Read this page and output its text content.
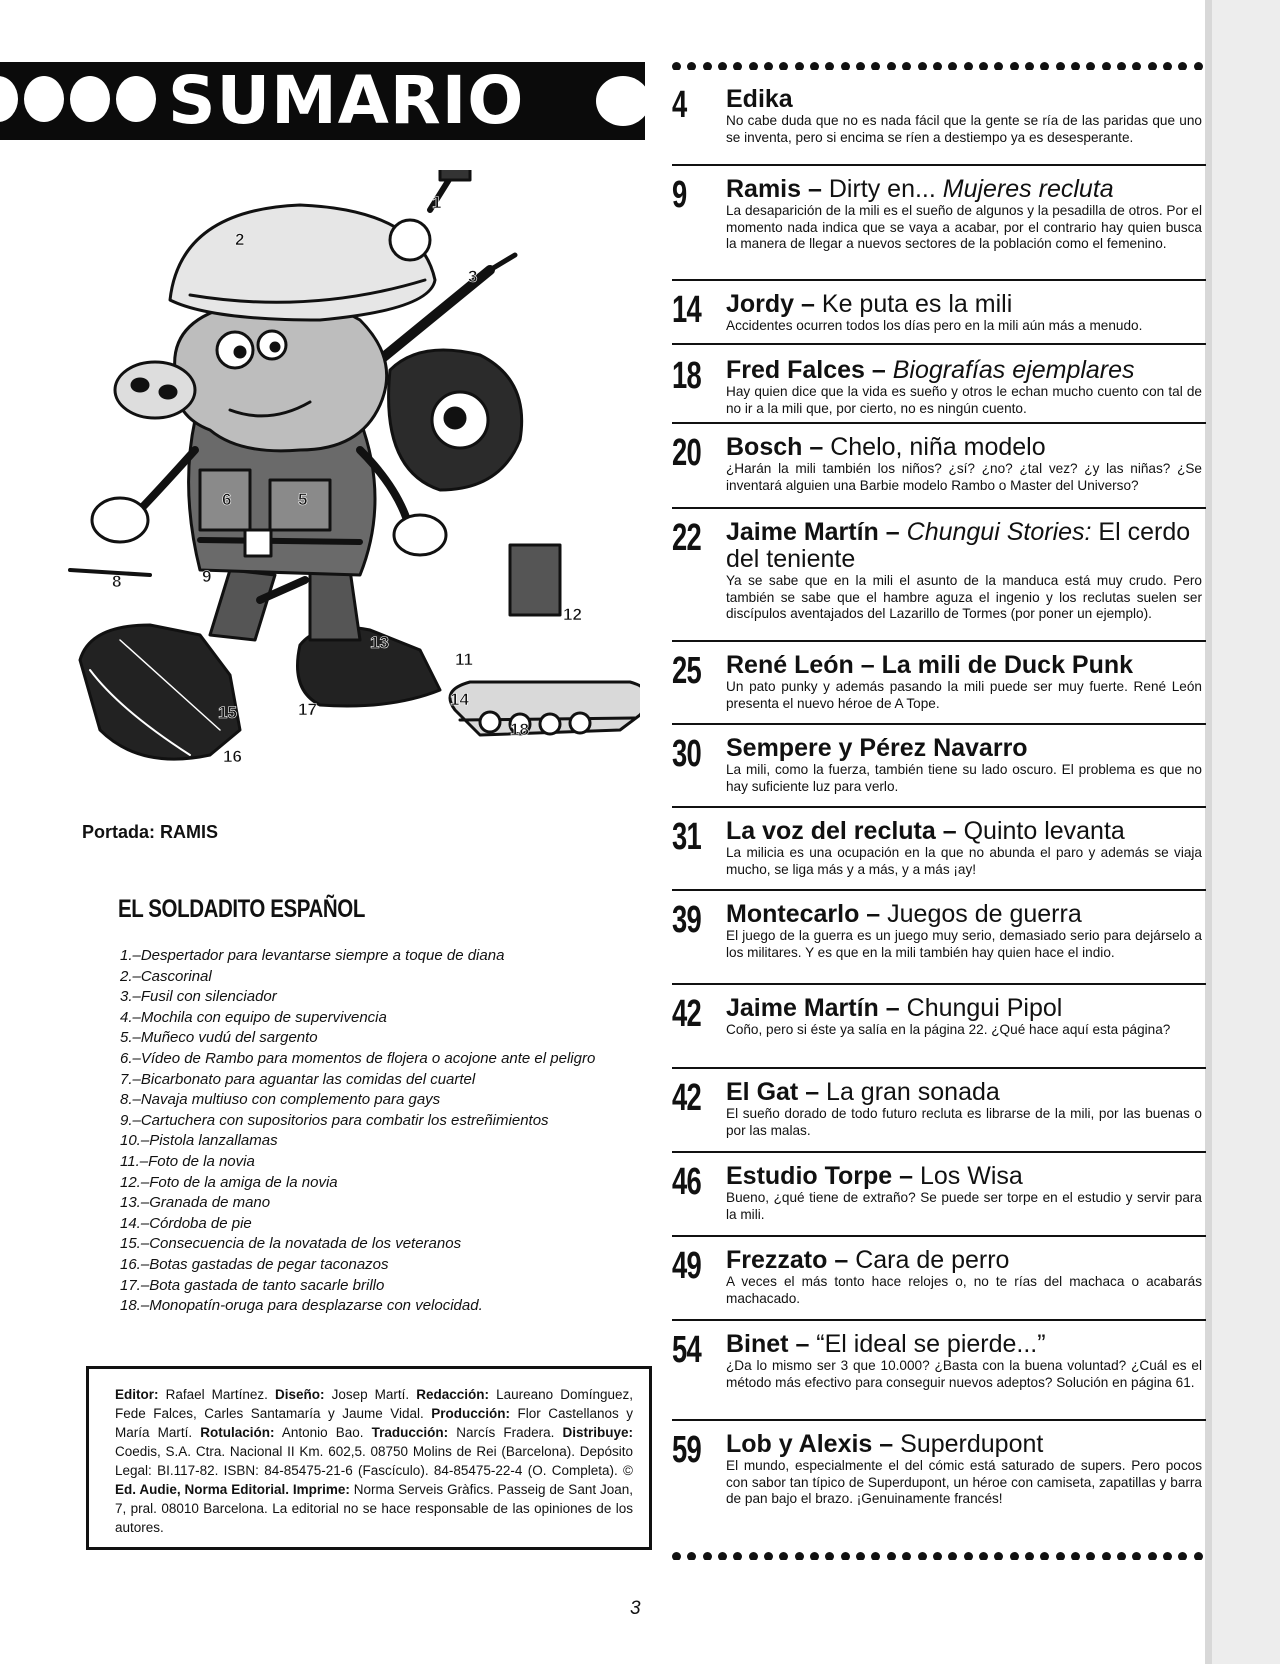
SUMARIO
1
2
3
5
6
8	9
11
12
13
14
15
16
17
18
Portada: RAMIS
EL SOLDADITO ESPAÑOL
1.–Despertador para levantarse siempre a toque de diana
2.–Cascorinal
3.–Fusil con silenciador
4.–Mochila con equipo de supervivencia
5.–Muñeco vudú del sargento
6.–Vídeo de Rambo para momentos de flojera o acojone ante el peligro
7.–Bicarbonato para aguantar las comidas del cuartel
8.–Navaja multiuso con complemento para gays
9.–Cartuchera con supositorios para combatir los estreñimientos
10.–Pistola lanzallamas
11.–Foto de la novia
12.–Foto de la amiga de la novia
13.–Granada de mano
14.–Córdoba de pie
15.–Consecuencia de la novatada de los veteranos
16.–Botas gastadas de pegar taconazos
17.–Bota gastada de tanto sacarle brillo
18.–Monopatín-oruga para desplazarse con velocidad.
Editor: Rafael Martínez. Diseño: Josep Martí. Redacción: Laureano Domínguez, Fede Falces, Carles Santamaría y Jaume Vidal. Producción: Flor Castellanos y María Martí. Rotulación: Antonio Bao. Traducción: Narcís Fradera. Distribuye: Coedis, S.A. Ctra. Nacional II Km. 602,5. 08750 Molins de Rei (Barcelona). Depósito Legal: BI.117-82. ISBN: 84-85475-21-6 (Fascículo). 84-85475-22-4 (O. Completa). © Ed. Audie, Norma Editorial. Imprime: Norma Serveis Gràfics. Passeig de Sant Joan, 7, pral. 08010 Barcelona. La editorial no se hace responsable de las opiniones de los autores.
3
4 Edika
No cabe duda que no es nada fácil que la gente se ría de las paridas que uno se inventa, pero si encima se ríen a destiempo ya es desesperante.
9 Ramis – Dirty en... Mujeres recluta
La desaparición de la mili es el sueño de algunos y la pesadilla de otros. Por el momento nada indica que se vaya a acabar, por el contrario hay quien busca la manera de llegar a nuevos sectores de la población como el femenino.
14 Jordy – Ke puta es la mili
Accidentes ocurren todos los días pero en la mili aún más a menudo.
18 Fred Falces – Biografías ejemplares
Hay quien dice que la vida es sueño y otros le echan mucho cuento con tal de no ir a la mili que, por cierto, no es ningún cuento.
20 Bosch – Chelo, niña modelo
¿Harán la mili también los niños? ¿sí? ¿no? ¿tal vez? ¿y las niñas? ¿Se inventará alguien una Barbie modelo Rambo o Master del Universo?
22 Jaime Martín – Chungui Stories: El cerdo del teniente
Ya se sabe que en la mili el asunto de la manduca está muy crudo. Pero también se sabe que el hambre aguza el ingenio y los reclutas suelen ser discípulos aventajados del Lazarillo de Tormes (por poner un ejemplo).
25 René León – La mili de Duck Punk
Un pato punky y además pasando la mili puede ser muy fuerte. René León presenta el nuevo héroe de A Tope.
30 Sempere y Pérez Navarro
La mili, como la fuerza, también tiene su lado oscuro. El problema es que no hay suficiente luz para verlo.
31 La voz del recluta – Quinto levanta
La milicia es una ocupación en la que no abunda el paro y además se viaja mucho, se liga más y a más, y a más ¡ay!
39 Montecarlo – Juegos de guerra
El juego de la guerra es un juego muy serio, demasiado serio para dejárselo a los militares. Y es que en la mili también hay quien hace el indio.
42 Jaime Martín – Chungui Pipol
Coño, pero si éste ya salía en la página 22. ¿Qué hace aquí esta página?
42 El Gat – La gran sonada
El sueño dorado de todo futuro recluta es librarse de la mili, por las buenas o por las malas.
46 Estudio Torpe – Los Wisa
Bueno, ¿qué tiene de extraño? Se puede ser torpe en el estudio y servir para la mili.
49 Frezzato – Cara de perro
A veces el más tonto hace relojes o, no te rías del machaca o acabarás machacado.
54 Binet – “El ideal se pierde...”
¿Da lo mismo ser 3 que 10.000? ¿Basta con la buena voluntad? ¿Cuál es el método más efectivo para conseguir nuevos adeptos? Solución en página 61.
59 Lob y Alexis – Superdupont
El mundo, especialmente el del cómic está saturado de supers. Pero pocos con sabor tan típico de Superdupont, un héroe con camiseta, zapatillas y barra de pan bajo el brazo. ¡Genuinamente francés!
